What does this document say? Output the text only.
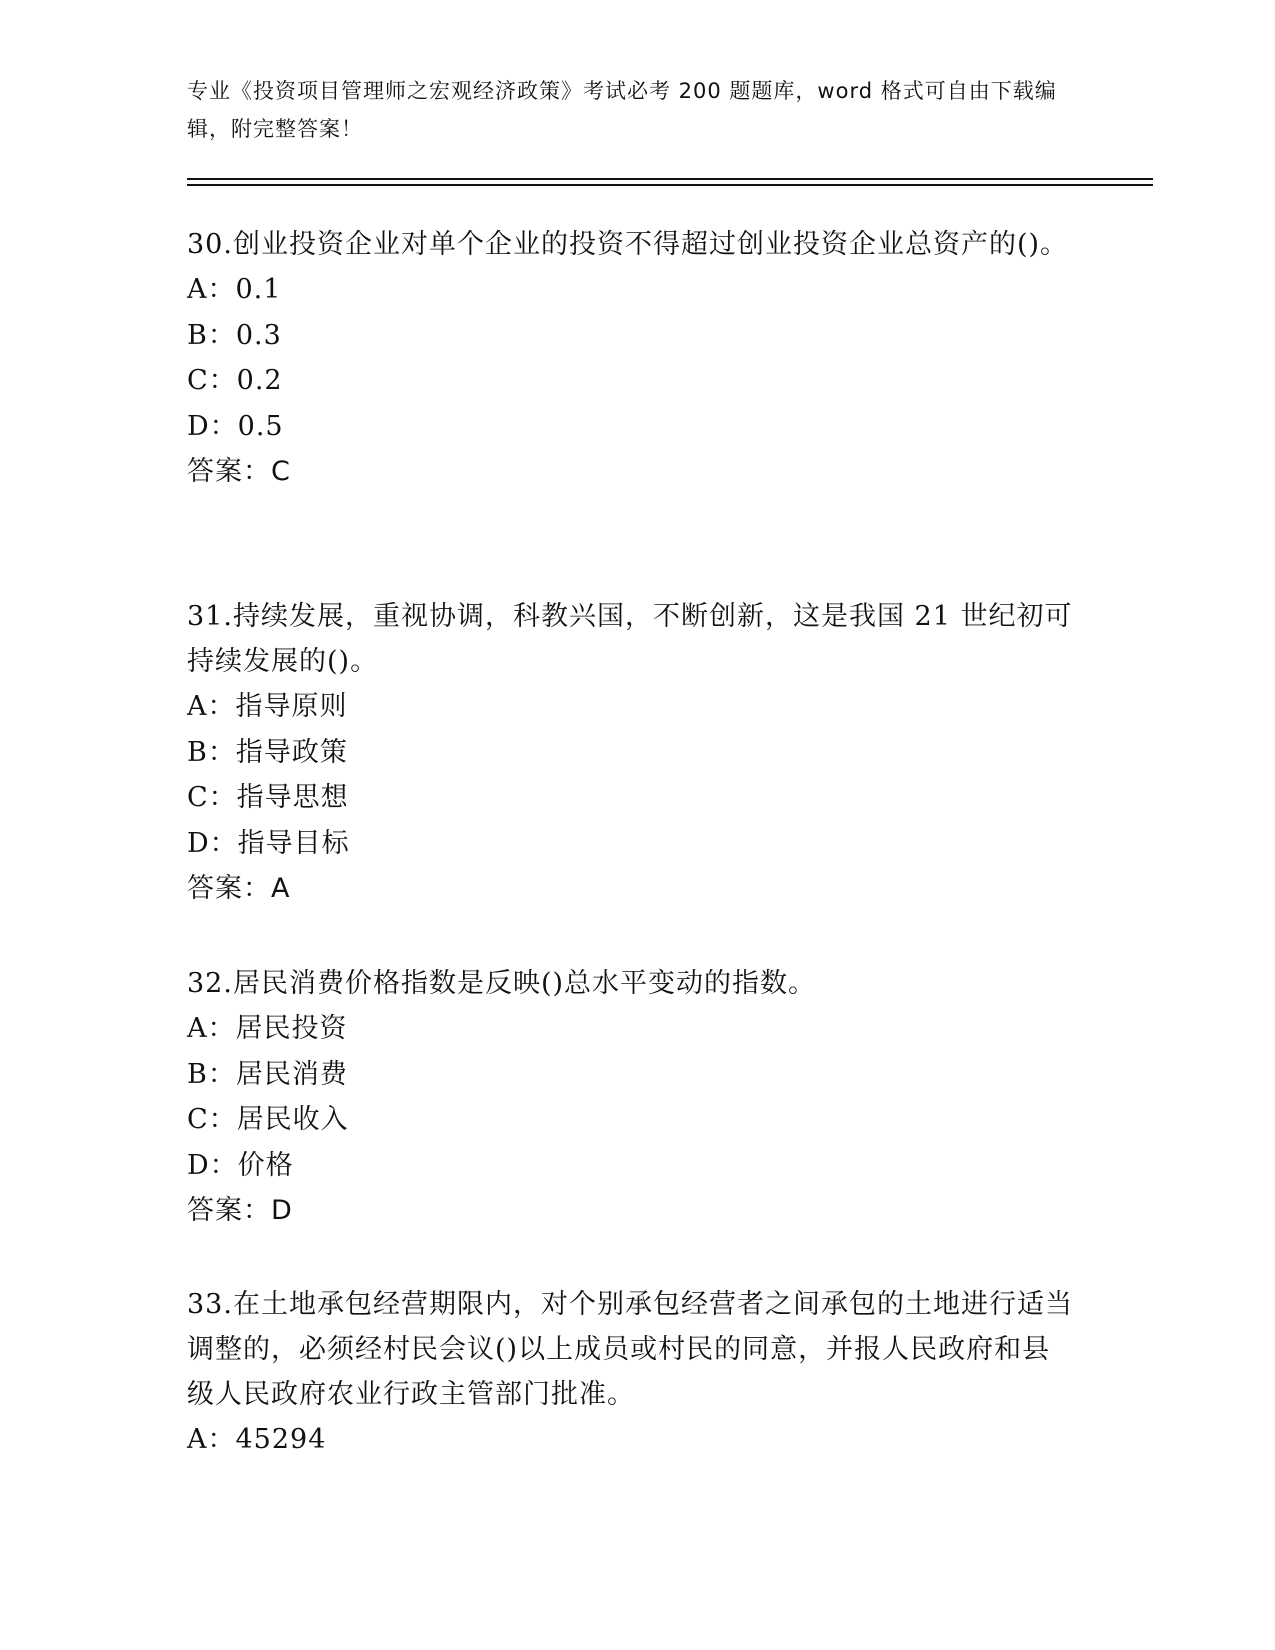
专业《投资项目管理师之宏观经济政策》考试必考 200 题题库，word 格式可自由下载编辑，附完整答案！
30.创业投资企业对单个企业的投资不得超过创业投资企业总资产的()。
A：0.1
B：0.3
C：0.2
D：0.5
答案：C
31.持续发展，重视协调，科教兴国，不断创新，这是我国 21 世纪初可持续发展的()。
A：指导原则
B：指导政策
C：指导思想
D：指导目标
答案：A
32.居民消费价格指数是反映()总水平变动的指数。
A：居民投资
B：居民消费
C：居民收入
D：价格
答案：D
33.在土地承包经营期限内，对个别承包经营者之间承包的土地进行适当调整的，必须经村民会议()以上成员或村民的同意，并报人民政府和县级人民政府农业行政主管部门批准。
A：45294
